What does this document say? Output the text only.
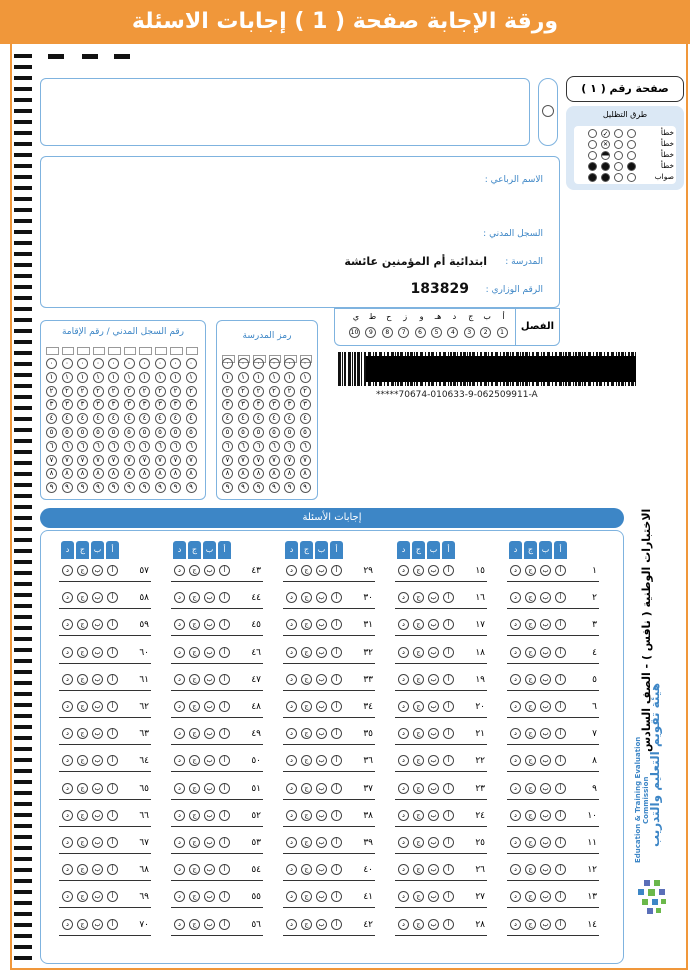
ورقة الإجابة صفحة ( 1 ) إجابات الاسئلة
صفحة رقم ( ١ )
طرق التظليل
خطأ
✓
خطأ
✕
خطأ
خطأ
صواب
الاسم الرباعي :
السجل المدني :
المدرسة :
ابتدائية أم المؤمنين عائشة
الرقم الوزاري :
183829
الفصل
أ
ب
ج
د
هـ
و
ز
ح
ط
ي
1
2
3
4
5
6
7
8
9
10
*****70674-010633-9-062509911-A
رقم السجل المدني / رقم الإقامة
٠
١
٢
٣
٤
٥
٦
٧
٨
٩
٠
١
٢
٣
٤
٥
٦
٧
٨
٩
٠
١
٢
٣
٤
٥
٦
٧
٨
٩
٠
١
٢
٣
٤
٥
٦
٧
٨
٩
٠
١
٢
٣
٤
٥
٦
٧
٨
٩
٠
١
٢
٣
٤
٥
٦
٧
٨
٩
٠
١
٢
٣
٤
٥
٦
٧
٨
٩
٠
١
٢
٣
٤
٥
٦
٧
٨
٩
٠
١
٢
٣
٤
٥
٦
٧
٨
٩
٠
١
٢
٣
٤
٥
٦
٧
٨
٩
رمز المدرسة
٠
١
٢
٣
٤
٥
٦
٧
٨
٩
٠
١
٢
٣
٤
٥
٦
٧
٨
٩
٠
١
٢
٣
٤
٥
٦
٧
٨
٩
٠
١
٢
٣
٤
٥
٦
٧
٨
٩
٠
١
٢
٣
٤
٥
٦
٧
٨
٩
٠
١
٢
٣
٤
٥
٦
٧
٨
٩
إجابات الأسئلة
أ
ب
ج
د
١
أ
ب
ج
د
٢
أ
ب
ج
د
٣
أ
ب
ج
د
٤
أ
ب
ج
د
٥
أ
ب
ج
د
٦
أ
ب
ج
د
٧
أ
ب
ج
د
٨
أ
ب
ج
د
٩
أ
ب
ج
د
١٠
أ
ب
ج
د
١١
أ
ب
ج
د
١٢
أ
ب
ج
د
١٣
أ
ب
ج
د
١٤
أ
ب
ج
د
أ
ب
ج
د
١٥
أ
ب
ج
د
١٦
أ
ب
ج
د
١٧
أ
ب
ج
د
١٨
أ
ب
ج
د
١٩
أ
ب
ج
د
٢٠
أ
ب
ج
د
٢١
أ
ب
ج
د
٢٢
أ
ب
ج
د
٢٣
أ
ب
ج
د
٢٤
أ
ب
ج
د
٢٥
أ
ب
ج
د
٢٦
أ
ب
ج
د
٢٧
أ
ب
ج
د
٢٨
أ
ب
ج
د
أ
ب
ج
د
٢٩
أ
ب
ج
د
٣٠
أ
ب
ج
د
٣١
أ
ب
ج
د
٣٢
أ
ب
ج
د
٣٣
أ
ب
ج
د
٣٤
أ
ب
ج
د
٣٥
أ
ب
ج
د
٣٦
أ
ب
ج
د
٣٧
أ
ب
ج
د
٣٨
أ
ب
ج
د
٣٩
أ
ب
ج
د
٤٠
أ
ب
ج
د
٤١
أ
ب
ج
د
٤٢
أ
ب
ج
د
أ
ب
ج
د
٤٣
أ
ب
ج
د
٤٤
أ
ب
ج
د
٤٥
أ
ب
ج
د
٤٦
أ
ب
ج
د
٤٧
أ
ب
ج
د
٤٨
أ
ب
ج
د
٤٩
أ
ب
ج
د
٥٠
أ
ب
ج
د
٥١
أ
ب
ج
د
٥٢
أ
ب
ج
د
٥٣
أ
ب
ج
د
٥٤
أ
ب
ج
د
٥٥
أ
ب
ج
د
٥٦
أ
ب
ج
د
أ
ب
ج
د
٥٧
أ
ب
ج
د
٥٨
أ
ب
ج
د
٥٩
أ
ب
ج
د
٦٠
أ
ب
ج
د
٦١
أ
ب
ج
د
٦٢
أ
ب
ج
د
٦٣
أ
ب
ج
د
٦٤
أ
ب
ج
د
٦٥
أ
ب
ج
د
٦٦
أ
ب
ج
د
٦٧
أ
ب
ج
د
٦٨
أ
ب
ج
د
٦٩
أ
ب
ج
د
٧٠
أ
ب
ج
د
الاختبارات الوطنية ( نافس ) - الصف السادس
هيئة تقويم التعليم والتدريب
Education & Training Evaluation Commission
